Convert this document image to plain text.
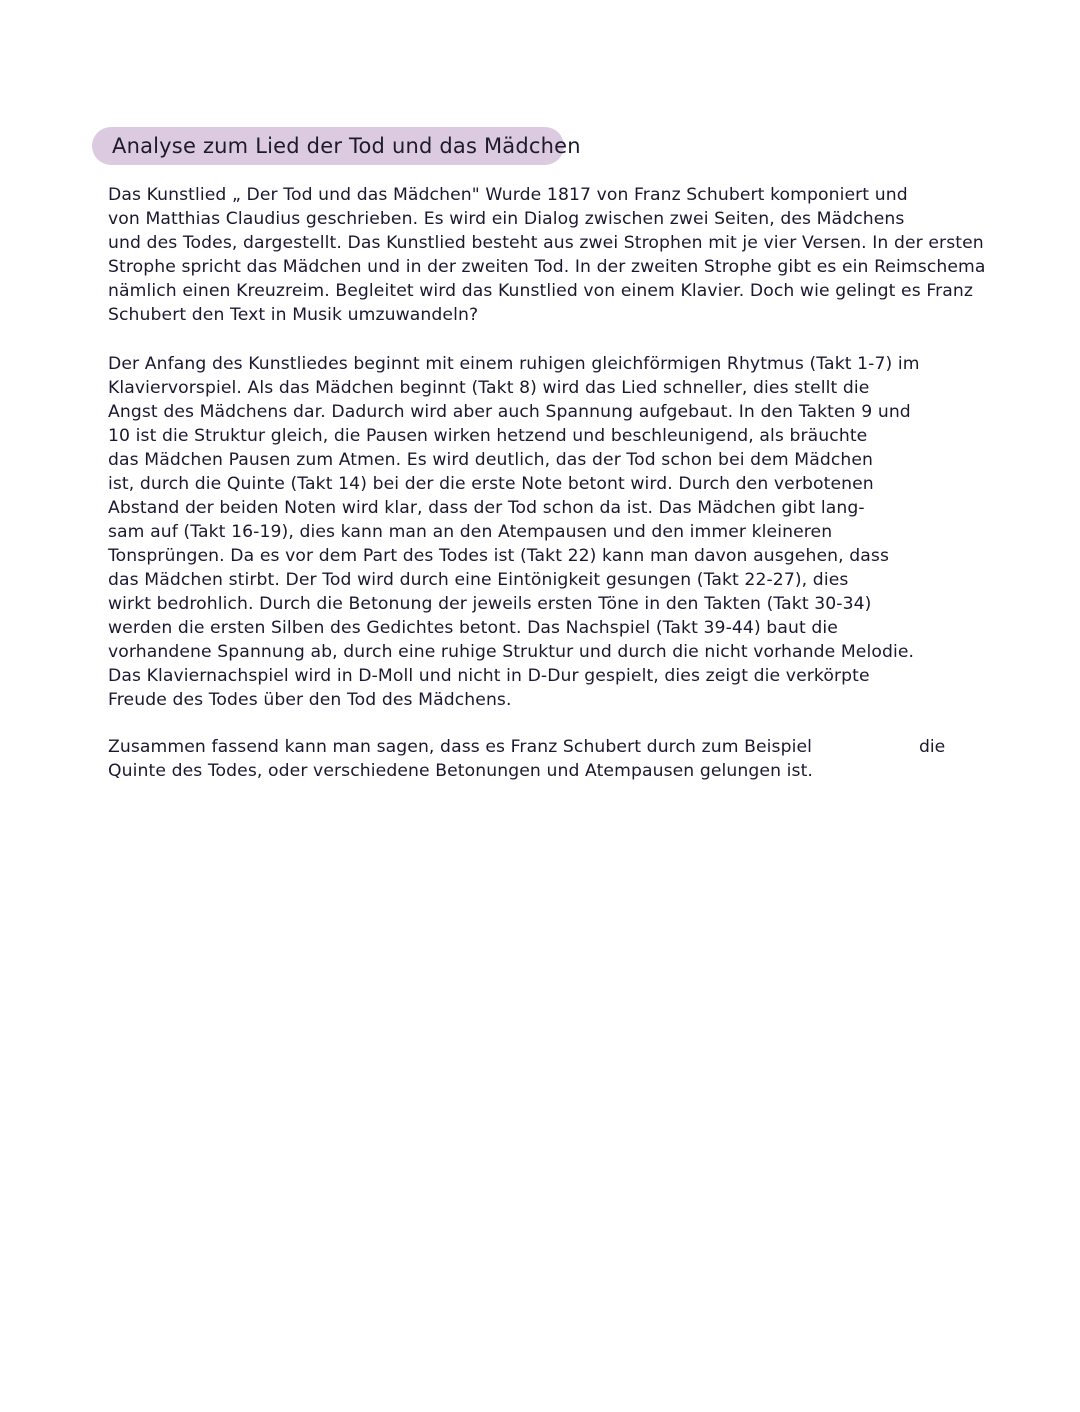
Analyse zum Lied der Tod und das Mädchen
Das Kunstlied „ Der Tod und das Mädchen" Wurde 1817 von Franz Schubert komponiert und
von Matthias Claudius geschrieben. Es wird ein Dialog zwischen zwei Seiten, des Mädchens
und des Todes, dargestellt. Das Kunstlied besteht aus zwei Strophen mit je vier Versen. In der ersten
Strophe spricht das Mädchen und in der zweiten Tod. In der zweiten Strophe gibt es ein Reimschema
nämlich einen Kreuzreim. Begleitet wird das Kunstlied von einem Klavier. Doch wie gelingt es Franz
Schubert den Text in Musik umzuwandeln?
Der Anfang des Kunstliedes beginnt mit einem ruhigen gleichförmigen Rhytmus (Takt 1-7) im
Klaviervorspiel. Als das Mädchen beginnt (Takt 8) wird das Lied schneller, dies stellt die
Angst des Mädchens dar. Dadurch wird aber auch Spannung aufgebaut. In den Takten 9 und
10 ist die Struktur gleich, die Pausen wirken hetzend und beschleunigend, als bräuchte
das Mädchen Pausen zum Atmen. Es wird deutlich, das der Tod schon bei dem Mädchen
ist, durch die Quinte (Takt 14) bei der die erste Note betont wird. Durch den verbotenen
Abstand der beiden Noten wird klar, dass der Tod schon da ist. Das Mädchen gibt lang-
sam auf (Takt 16-19), dies kann man an den Atempausen und den immer kleineren
Tonsprüngen. Da es vor dem Part des Todes ist (Takt 22) kann man davon ausgehen, dass
das Mädchen stirbt. Der Tod wird durch eine Eintönigkeit gesungen (Takt 22-27), dies
wirkt bedrohlich. Durch die Betonung der jeweils ersten Töne in den Takten (Takt 30-34)
werden die ersten Silben des Gedichtes betont. Das Nachspiel (Takt 39-44) baut die
vorhandene Spannung ab, durch eine ruhige Struktur und durch die nicht vorhande Melodie.
Das Klaviernachspiel wird in D-Moll und nicht in D-Dur gespielt, dies zeigt die verkörpte
Freude des Todes über den Tod des Mädchens.
Zusammen fassend kann man sagen, dass es Franz Schubert durch zum Beispiel
Quinte des Todes, oder verschiedene Betonungen und Atempausen gelungen ist.
die
